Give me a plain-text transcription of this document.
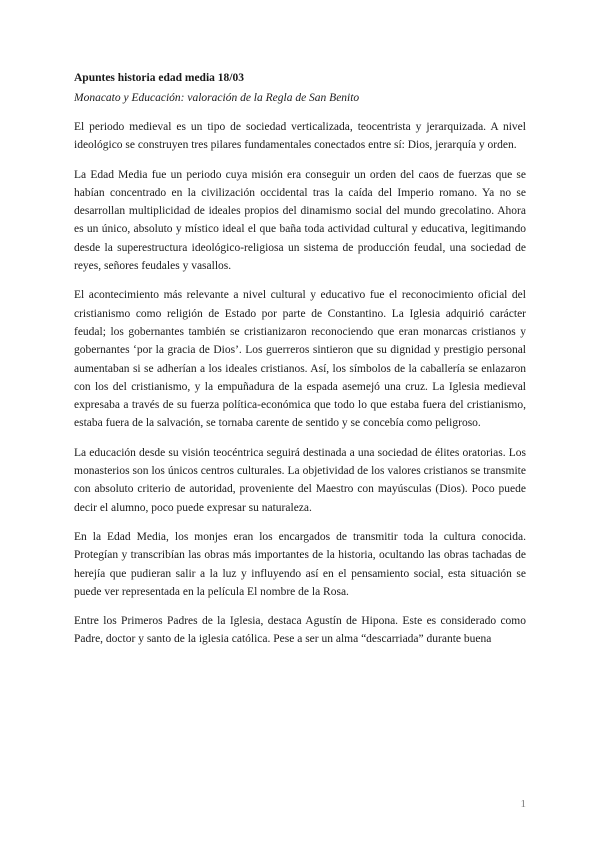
Apuntes historia edad media 18/03

Monacato y Educación: valoración de la Regla de San Benito

El periodo medieval es un tipo de sociedad verticalizada, teocentrista y jerarquizada. A nivel ideológico se construyen tres pilares fundamentales conectados entre sí: Dios, jerarquía y orden.

La Edad Media fue un periodo cuya misión era conseguir un orden del caos de fuerzas que se habían concentrado en la civilización occidental tras la caída del Imperio romano. Ya no se desarrollan multiplicidad de ideales propios del dinamismo social del mundo grecolatino. Ahora es un único, absoluto y místico ideal el que baña toda actividad cultural y educativa, legitimando desde la superestructura ideológico-religiosa un sistema de producción feudal, una sociedad de reyes, señores feudales y vasallos.

El acontecimiento más relevante a nivel cultural y educativo fue el reconocimiento oficial del cristianismo como religión de Estado por parte de Constantino. La Iglesia adquirió carácter feudal; los gobernantes también se cristianizaron reconociendo que eran monarcas cristianos y gobernantes ‘por la gracia de Dios’. Los guerreros sintieron que su dignidad y prestigio personal aumentaban si se adherían a los ideales cristianos. Así, los símbolos de la caballería se enlazaron con los del cristianismo, y la empuñadura de la espada asemejó una cruz. La Iglesia medieval expresaba a través de su fuerza política-económica que todo lo que estaba fuera del cristianismo, estaba fuera de la salvación, se tornaba carente de sentido y se concebía como peligroso.

La educación desde su visión teocéntrica seguirá destinada a una sociedad de élites oratorias. Los monasterios son los únicos centros culturales. La objetividad de los valores cristianos se transmite con absoluto criterio de autoridad, proveniente del Maestro con mayúsculas (Dios). Poco puede decir el alumno, poco puede expresar su naturaleza.

En la Edad Media, los monjes eran los encargados de transmitir toda la cultura conocida. Protegían y transcribían las obras más importantes de la historia, ocultando las obras tachadas de herejía que pudieran salir a la luz y influyendo así en el pensamiento social, esta situación se puede ver representada en la película El nombre de la Rosa.

Entre los Primeros Padres de la Iglesia, destaca Agustín de Hipona. Este es considerado como Padre, doctor y santo de la iglesia católica. Pese a ser un alma “descarriada” durante buena

1
